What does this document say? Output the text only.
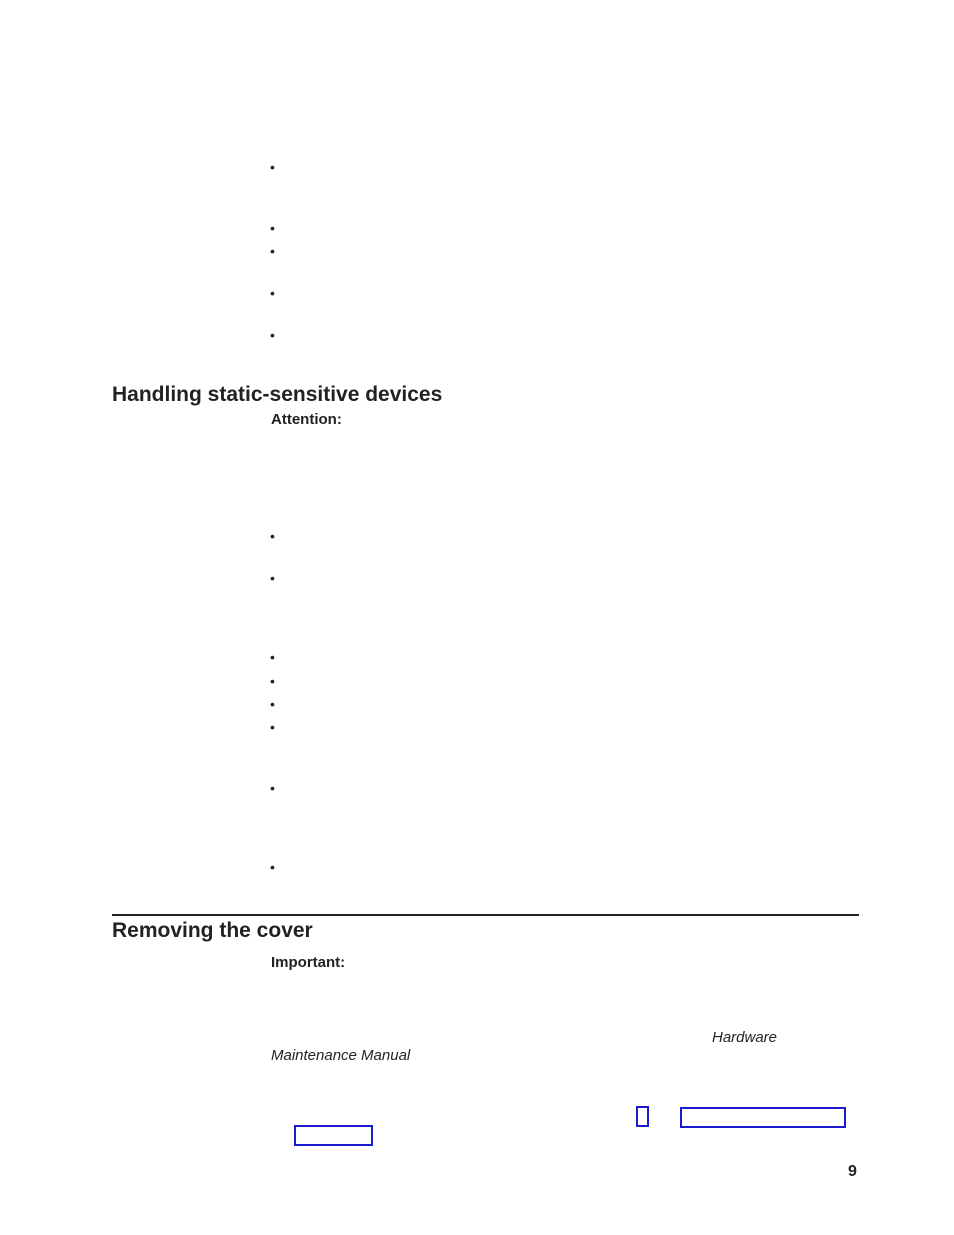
•
•
•
•
•
Handling static-sensitive devices

Attention:

•
•
•
•
•
•
•
•
Removing the cover

Important:

Hardware

Maintenance Manual

9
